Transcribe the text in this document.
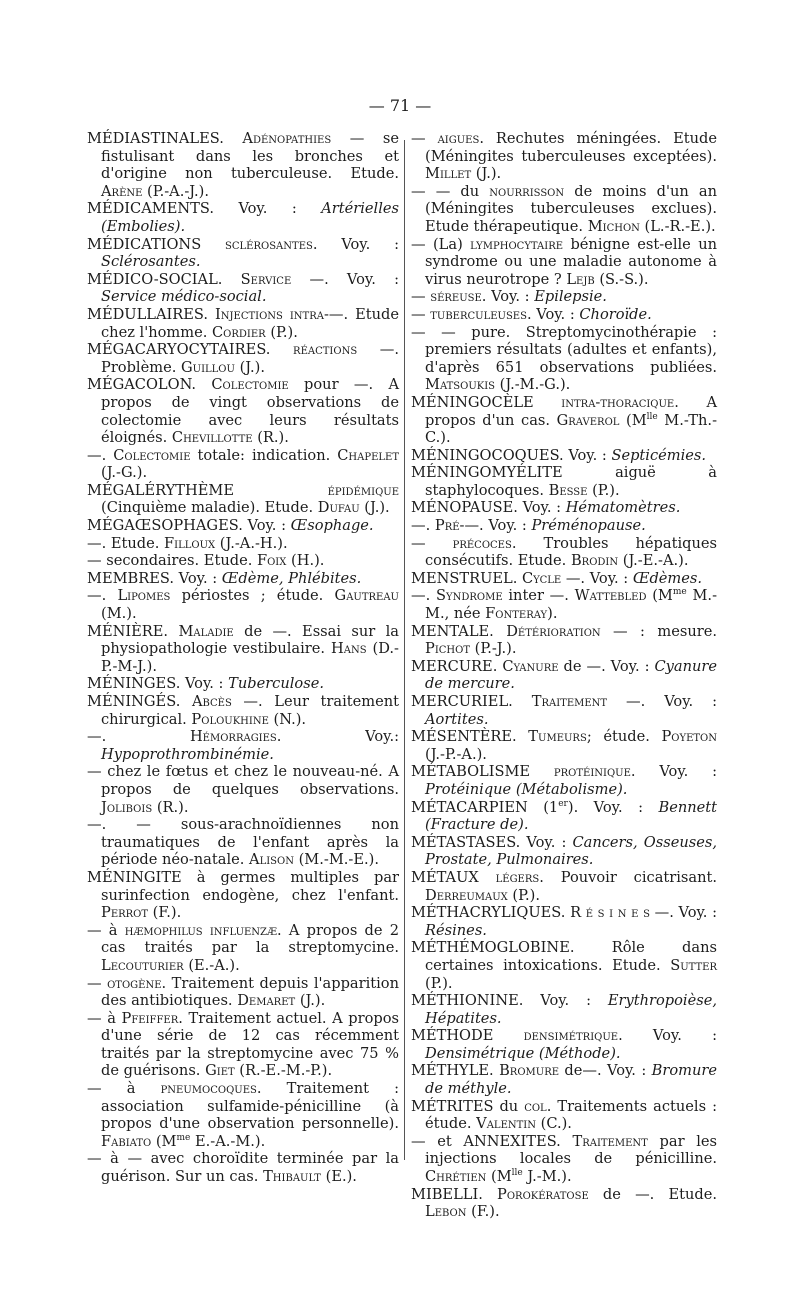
— 71 —

MÉDIASTINALES. Adénopathies — se fistulisant dans les bronches et d'origine non tuberculeuse. Etude. Arène (P.-A.-J.).

MÉDICAMENTS. Voy. : Artérielles (Embolies).

MÉDICATIONS sclérosantes. Voy. : Sclérosantes.

MÉDICO-SOCIAL. Service —. Voy. : Service médico-social.

MÉDULLAIRES. Injections intra-—. Etude chez l'homme. Cordier (P.).

MÉGACARYOCYTAIRES. réactions —. Problème. Guillou (J.).

MÉGACOLON. Colectomie pour —. A propos de vingt observations de colectomie avec leurs résultats éloignés. Chevillotte (R.).

—. Colectomie totale: indication. Chapelet (J.-G.).

MÉGALÉRYTHÈME épidémique (Cinquième maladie). Etude. Dufau (J.).

MÉGAŒSOPHAGES. Voy. : Œsophage.

—. Etude. Filloux (J.-A.-H.).

— secondaires. Etude. Foix (H.).

MEMBRES. Voy. : Œdème, Phlébites.

—. Lipomes périostes ; étude. Gautreau (M.).

MÉNIÈRE. Maladie de —. Essai sur la physiopathologie vestibulaire. Hans (D.-P.-M-J.).

MÉNINGES. Voy. : Tuberculose.

MÉNINGÉS. Abcès —. Leur traitement chirurgical. Poloukhine (N.).

—. Hémorragies. Voy.: Hypoprothrombinémie.

— chez le fœtus et chez le nouveau-né. A propos de quelques observations. Jolibois (R.).

—. — sous-arachnoïdiennes non traumatiques de l'enfant après la période néo-natale. Alison (M.-M.-E.).

MÉNINGITE à germes multiples par surinfection endogène, chez l'enfant. Perrot (F.).

— à hæmophilus influenzæ. A propos de 2 cas traités par la streptomycine. Lecouturier (E.-A.).

— otogène. Traitement depuis l'apparition des antibiotiques. Demaret (J.).

— à Pfeiffer. Traitement actuel. A propos d'une série de 12 cas récemment traités par la streptomycine avec 75 % de guérisons. Giet (R.-E.-M.-P.).

— à pneumocoques. Traitement : association sulfamide-pénicilline (à propos d'une observation personnelle). Fabiato ($M^{me}$ E.-A.-M.).

— à — avec choroïdite terminée par la guérison. Sur un cas. Thibault (E.).

— aigues. Rechutes méningées. Etude (Méningites tuberculeuses exceptées). Millet (J.).

— — du nourrisson de moins d'un an (Méningites tuberculeuses exclues). Etude thérapeutique. Michon (L.-R.-E.).

— (La) lymphocytaire bénigne est-elle un syndrome ou une maladie autonome à virus neurotrope ? Lejb (S.-S.).

— séreuse. Voy. : Epilepsie.

— tuberculeuses. Voy. : Choroïde.

— — pure. Streptomycinothérapie : premiers résultats (adultes et enfants), d'après 651 observations publiées. Matsoukis (J.-M.-G.).

MÉNINGOCÈLE intra-thoracique. A propos d'un cas. Graverol ($M^{lle}$ M.-Th.-C.).

MÉNINGOCOQUES. Voy. : Septicémies.

MÉNINGOMYÉLITE aiguë à staphylocoques. Besse (P.).

MÉNOPAUSE. Voy. : Hématomètres.

—. Pré-—. Voy. : Préménopause.

— précoces. Troubles hépatiques consécutifs. Etude. Brodin (J.-E.-A.).

MENSTRUEL. Cycle —. Voy. : Œdèmes.

—. Syndrome inter —. Wattebled ($M^{me}$ M.-M., née Fonteray).

MENTALE. Détérioration — : mesure. Pichot (P.-J.).

MERCURE. Cyanure de —. Voy. : Cyanure de mercure.

MERCURIEL. Traitement —. Voy. : Aortites.

MÉSENTÈRE. Tumeurs; étude. Poyeton (J.-P.-A.).

MÉTABOLISME protéinique. Voy. : Protéinique (Métabolisme).

MÉTACARPIEN (1er). Voy. : Bennett (Fracture de).

MÉTASTASES. Voy. : Cancers, Osseuses, Prostate, Pulmonaires.

MÉTAUX légers. Pouvoir cicatrisant. Derreumaux (P.).

MÉTHACRYLIQUES. R é s i n e s —. Voy. : Résines.

MÉTHÉMOGLOBINE. Rôle dans certaines intoxications. Etude. Sutter (P.).

MÉTHIONINE. Voy. : Erythropoièse, Hépatites.

MÉTHODE densimétrique. Voy. : Densimétrique (Méthode).

MÉTHYLE. Bromure de—. Voy. : Bromure de méthyle.

MÉTRITES du col. Traitements actuels : étude. Valentin (C.).

— et ANNEXITES. Traitement par les injections locales de pénicilline. Chrétien ($M^{lle}$ J.-M.).

MIBELLI. Porokératose de —. Etude. Lebon (F.).
